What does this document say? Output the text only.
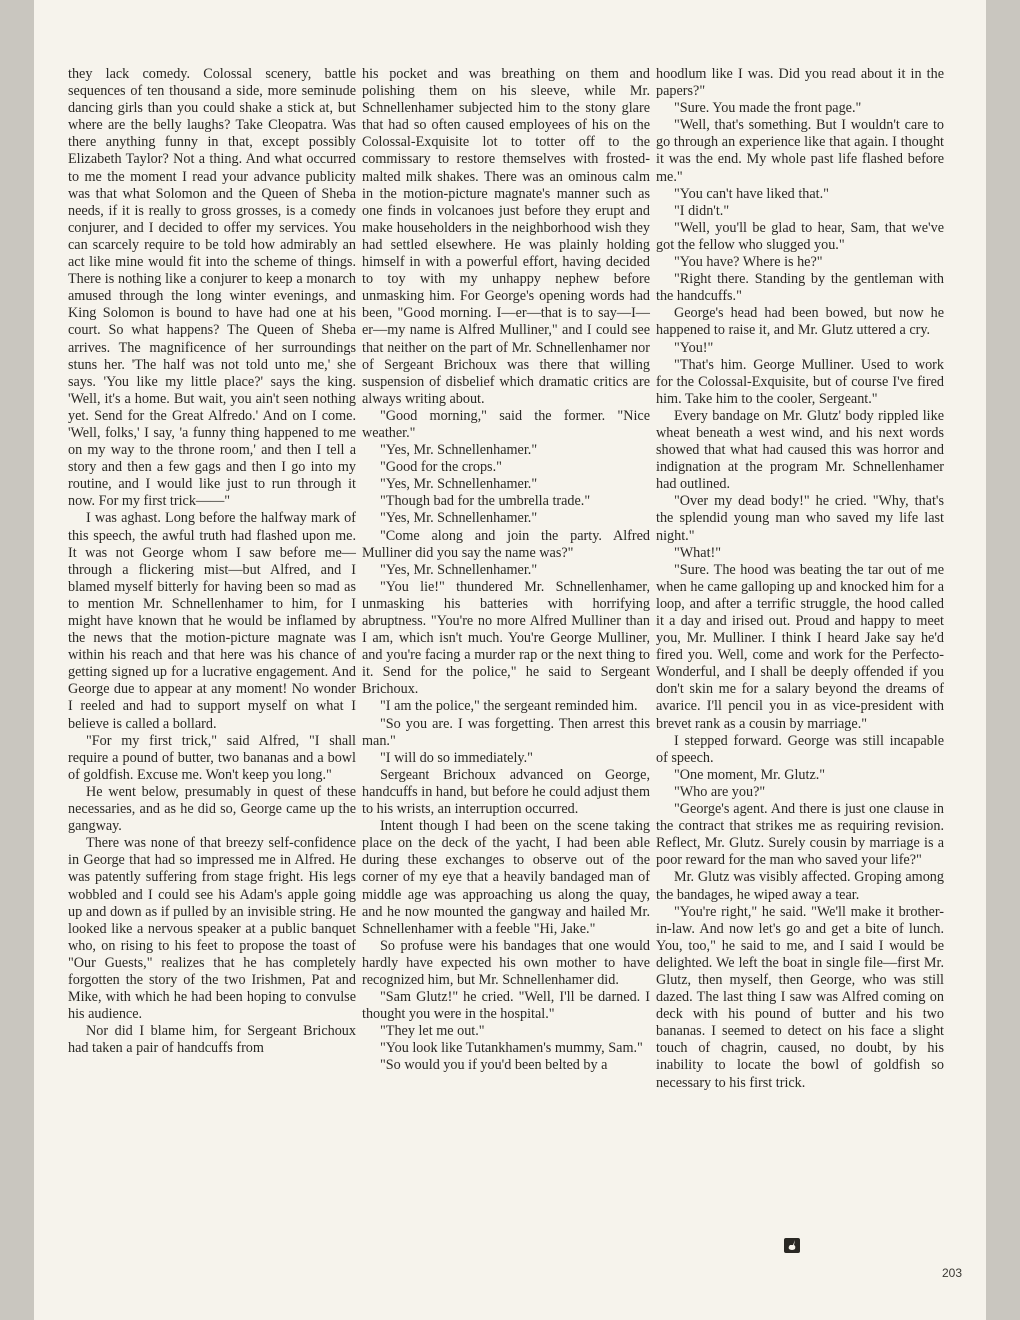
they lack comedy. Colossal scenery, battle sequences of ten thousand a side, more seminude dancing girls than you could shake a stick at, but where are the belly laughs? Take Cleopatra. Was there anything funny in that, except possibly Elizabeth Taylor? Not a thing. And what occurred to me the moment I read your advance publicity was that what Solomon and the Queen of Sheba needs, if it is really to gross grosses, is a comedy conjurer, and I decided to offer my services. You can scarcely require to be told how admirably an act like mine would fit into the scheme of things. There is nothing like a conjurer to keep a monarch amused through the long winter evenings, and King Solomon is bound to have had one at his court. So what happens? The Queen of Sheba arrives. The magnificence of her surroundings stuns her. 'The half was not told unto me,' she says. 'You like my little place?' says the king. 'Well, it's a home. But wait, you ain't seen nothing yet. Send for the Great Alfredo.' And on I come. 'Well, folks,' I say, 'a funny thing happened to me on my way to the throne room,' and then I tell a story and then a few gags and then I go into my routine, and I would like just to run through it now. For my first trick——"

I was aghast. Long before the halfway mark of this speech, the awful truth had flashed upon me. It was not George whom I saw before me—through a flickering mist—but Alfred, and I blamed myself bitterly for having been so mad as to mention Mr. Schnellenhamer to him, for I might have known that he would be inflamed by the news that the motion-picture magnate was within his reach and that here was his chance of getting signed up for a lucrative engagement. And George due to appear at any moment! No wonder I reeled and had to support myself on what I believe is called a bollard.

"For my first trick," said Alfred, "I shall require a pound of butter, two bananas and a bowl of goldfish. Excuse me. Won't keep you long."

He went below, presumably in quest of these necessaries, and as he did so, George came up the gangway.

There was none of that breezy self-confidence in George that had so impressed me in Alfred. He was patently suffering from stage fright. His legs wobbled and I could see his Adam's apple going up and down as if pulled by an invisible string. He looked like a nervous speaker at a public banquet who, on rising to his feet to propose the toast of "Our Guests," realizes that he has completely forgotten the story of the two Irishmen, Pat and Mike, with which he had been hoping to convulse his audience.

Nor did I blame him, for Sergeant Brichoux had taken a pair of handcuffs from

his pocket and was breathing on them and polishing them on his sleeve, while Mr. Schnellenhamer subjected him to the stony glare that had so often caused employees of his on the Colossal-Exquisite lot to totter off to the commissary to restore themselves with frosted-malted milk shakes. There was an ominous calm in the motion-picture magnate's manner such as one finds in volcanoes just before they erupt and make householders in the neighborhood wish they had settled elsewhere. He was plainly holding himself in with a powerful effort, having decided to toy with my unhappy nephew before unmasking him. For George's opening words had been, "Good morning. I—er—that is to say—I—er—my name is Alfred Mulliner," and I could see that neither on the part of Mr. Schnellenhamer nor of Sergeant Brichoux was there that willing suspension of disbelief which dramatic critics are always writing about.

"Good morning," said the former. "Nice weather."

"Yes, Mr. Schnellenhamer."

"Good for the crops."

"Yes, Mr. Schnellenhamer."

"Though bad for the umbrella trade."

"Yes, Mr. Schnellenhamer."

"Come along and join the party. Alfred Mulliner did you say the name was?"

"Yes, Mr. Schnellenhamer."

"You lie!" thundered Mr. Schnellenhamer, unmasking his batteries with horrifying abruptness. "You're no more Alfred Mulliner than I am, which isn't much. You're George Mulliner, and you're facing a murder rap or the next thing to it. Send for the police," he said to Sergeant Brichoux.

"I am the police," the sergeant reminded him.

"So you are. I was forgetting. Then arrest this man."

"I will do so immediately."

Sergeant Brichoux advanced on George, handcuffs in hand, but before he could adjust them to his wrists, an interruption occurred.

Intent though I had been on the scene taking place on the deck of the yacht, I had been able during these exchanges to observe out of the corner of my eye that a heavily bandaged man of middle age was approaching us along the quay, and he now mounted the gangway and hailed Mr. Schnellenhamer with a feeble "Hi, Jake."

So profuse were his bandages that one would hardly have expected his own mother to have recognized him, but Mr. Schnellenhamer did.

"Sam Glutz!" he cried. "Well, I'll be darned. I thought you were in the hospital."

"They let me out."

"You look like Tutankhamen's mummy, Sam."

"So would you if you'd been belted by a

hoodlum like I was. Did you read about it in the papers?"

"Sure. You made the front page."

"Well, that's something. But I wouldn't care to go through an experience like that again. I thought it was the end. My whole past life flashed before me."

"You can't have liked that."

"I didn't."

"Well, you'll be glad to hear, Sam, that we've got the fellow who slugged you."

"You have? Where is he?"

"Right there. Standing by the gentleman with the handcuffs."

George's head had been bowed, but now he happened to raise it, and Mr. Glutz uttered a cry.

"You!"

"That's him. George Mulliner. Used to work for the Colossal-Exquisite, but of course I've fired him. Take him to the cooler, Sergeant."

Every bandage on Mr. Glutz' body rippled like wheat beneath a west wind, and his next words showed that what had caused this was horror and indignation at the program Mr. Schnellenhamer had outlined.

"Over my dead body!" he cried. "Why, that's the splendid young man who saved my life last night."

"What!"

"Sure. The hood was beating the tar out of me when he came galloping up and knocked him for a loop, and after a terrific struggle, the hood called it a day and irised out. Proud and happy to meet you, Mr. Mulliner. I think I heard Jake say he'd fired you. Well, come and work for the Perfecto-Wonderful, and I shall be deeply offended if you don't skin me for a salary beyond the dreams of avarice. I'll pencil you in as vice-president with brevet rank as a cousin by marriage."

I stepped forward. George was still incapable of speech.

"One moment, Mr. Glutz."

"Who are you?"

"George's agent. And there is just one clause in the contract that strikes me as requiring revision. Reflect, Mr. Glutz. Surely cousin by marriage is a poor reward for the man who saved your life?"

Mr. Glutz was visibly affected. Groping among the bandages, he wiped away a tear.

"You're right," he said. "We'll make it brother-in-law. And now let's go and get a bite of lunch. You, too," he said to me, and I said I would be delighted. We left the boat in single file—first Mr. Glutz, then myself, then George, who was still dazed. The last thing I saw was Alfred coming on deck with his pound of butter and his two bananas. I seemed to detect on his face a slight touch of chagrin, caused, no doubt, by his inability to locate the bowl of goldfish so necessary to his first trick.

203
